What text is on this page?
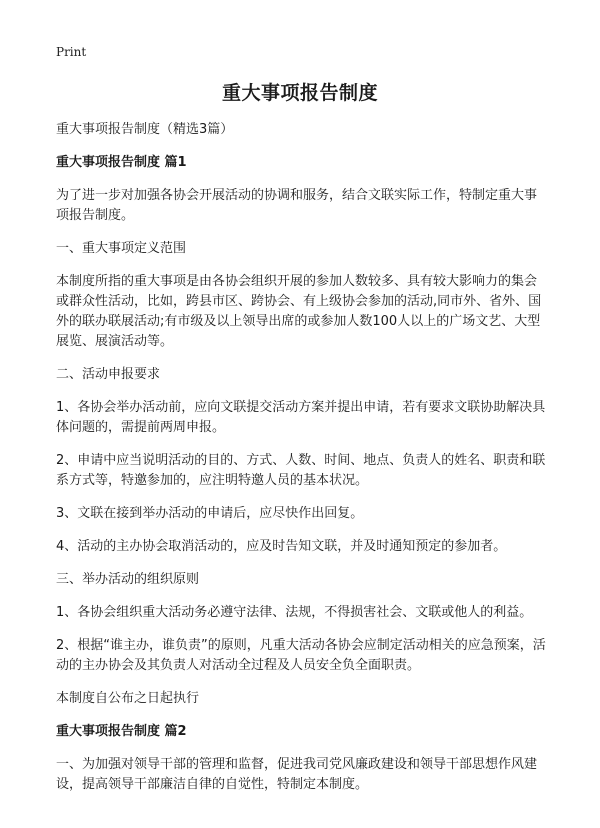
Print
重大事项报告制度

重大事项报告制度（精选3篇）

重大事项报告制度 篇1

为了进一步对加强各协会开展活动的协调和服务，结合文联实际工作，特制定重大事项报告制度。

一、重大事项定义范围

本制度所指的重大事项是由各协会组织开展的参加人数较多、具有较大影响力的集会或群众性活动，比如，跨县市区、跨协会、有上级协会参加的活动,同市外、省外、国外的联办联展活动;有市级及以上领导出席的或参加人数100人以上的广场文艺、大型展览、展演活动等。

二、活动申报要求

1、各协会举办活动前，应向文联提交活动方案并提出申请，若有要求文联协助解决具体问题的，需提前两周申报。

2、申请中应当说明活动的目的、方式、人数、时间、地点、负责人的姓名、职责和联系方式等，特邀参加的，应注明特邀人员的基本状况。

3、文联在接到举办活动的申请后，应尽快作出回复。

4、活动的主办协会取消活动的，应及时告知文联，并及时通知预定的参加者。

三、举办活动的组织原则

1、各协会组织重大活动务必遵守法律、法规，不得损害社会、文联或他人的利益。

2、根据“谁主办，谁负责”的原则，凡重大活动各协会应制定活动相关的应急预案，活动的主办协会及其负责人对活动全过程及人员安全负全面职责。

本制度自公布之日起执行

重大事项报告制度 篇2

一、为加强对领导干部的管理和监督，促进我司党风廉政建设和领导干部思想作风建设，提高领导干部廉洁自律的自觉性，特制定本制度。
